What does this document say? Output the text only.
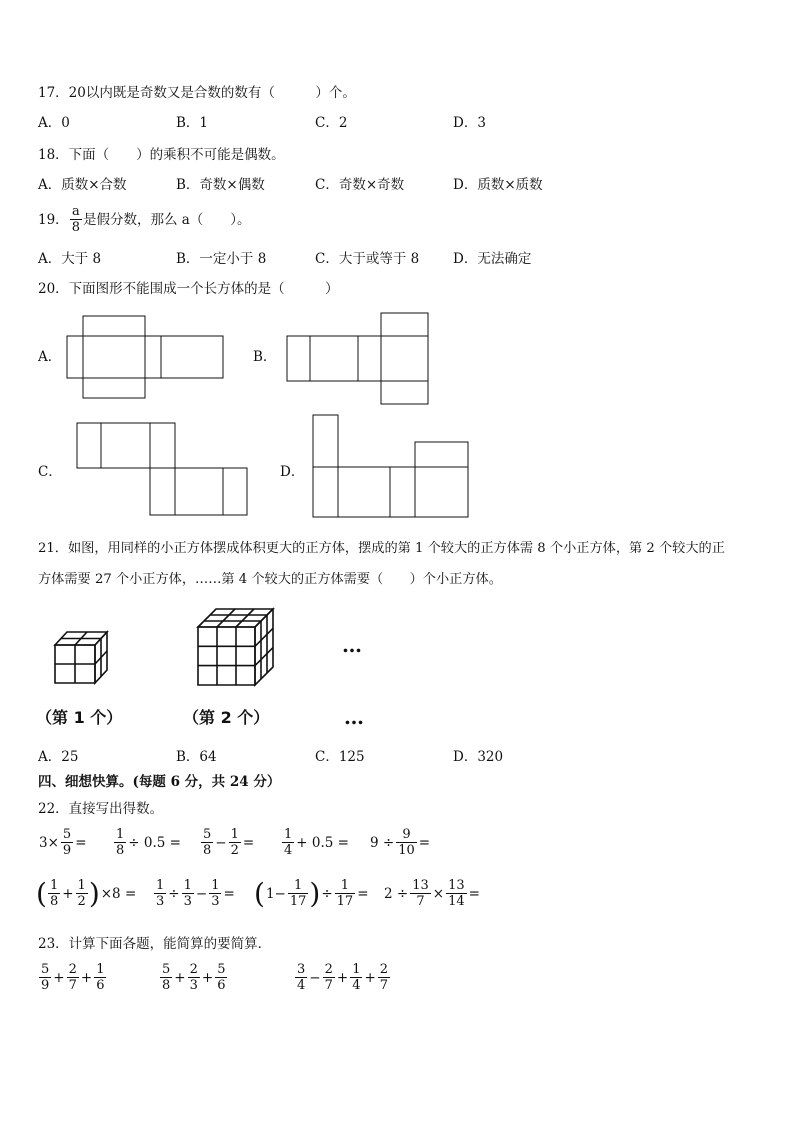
17．20以内既是奇数又是合数的数有（　　　）个。
A．0	B．1	C．2	D．3
18．下面（　　）的乘积不可能是偶数。
A．质数×合数	B．奇数×偶数	C．奇数×奇数	D．质数×质数
19． $\frac{a}{8}$ 是假分数，那么 a（　　）。
A．大于 8	B．一定小于 8	C．大于或等于 8	D．无法确定
20．下面图形不能围成一个长方体的是（　　　）
A．	B．
C．	D．
21．如图，用同样的小正方体摆成体积更大的正方体，摆成的第 1 个较大的正方体需 8 个小正方体，第 2 个较大的正
方体需要 27 个小正方体，……第 4 个较大的正方体需要（　　）个小正方体。
…
（第 1 个）	（第 2 个）	…
A．25	B．64	C．125	D．320
四、细想快算。(每题 6 分，共 24 分）
22．直接写出得数。
$3\times \frac{5}{9} = \frac{1}{8} \div 0.5 = \frac{5}{8} - \frac{1}{2} = \frac{1}{4} + 0.5 = 9 \div \frac{9}{10}$ =
( $\frac{1}{8} + \frac{1}{2}$ ) $\times 8 = \frac{1}{3} \div \frac{1}{3} - \frac{1}{3}$ = ( $1- \frac{1}{17}$ ) ÷ $\frac{1}{17} = 2 \div \frac{13}{7} \times \frac{13}{14}$ =
23．计算下面各题，能简算的要简算．
$\frac{5}{9} + \frac{2}{7} + \frac{1}{6}$	$\frac{5}{8} + \frac{2}{3} + \frac{5}{6}$	$\frac{3}{4} - \frac{2}{7} + \frac{1}{4} + \frac{2}{7}$
